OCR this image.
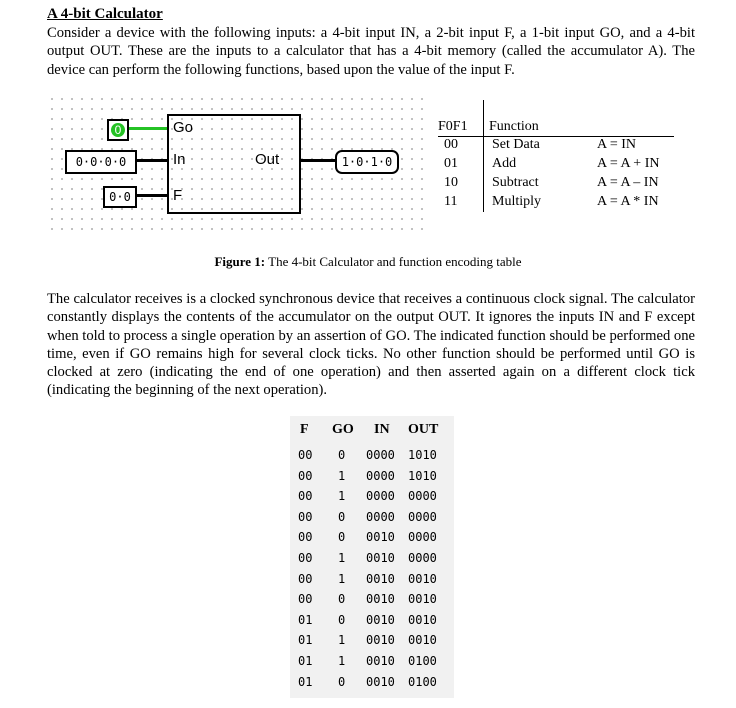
A 4-bit Calculator
Consider a device with the following inputs: a 4-bit input IN, a 2-bit input F, a 1-bit input GO, and a 4-bit output OUT. These are the inputs to a calculator that has a 4-bit memory (called the accumulator A). The device can perform the following functions, based upon the value of the input F.
Go
In
F
Out
0
0·0·0·0
0·0
1·0·1·0
F0F1 Function
00 Set Data	A = IN
01 Add	A = A + IN
10 Subtract	A = A – IN
11 Multiply	A = A * IN
Figure 1: The 4-bit Calculator and function encoding table
The calculator receives is a clocked synchronous device that receives a continuous clock signal. The calculator constantly displays the contents of the accumulator on the output OUT. It ignores the inputs IN and F except when told to process a single operation by an assertion of GO. The indicated function should be performed one time, even if GO remains high for several clock ticks. No other function should be performed until GO is clocked at zero (indicating the end of one operation) and then asserted again on a different clock tick (indicating the beginning of the next operation).
F GO IN OUT
00 0 0000 1010
00 1 0000 1010
00 1 0000 0000
00 0 0000 0000
00 0 0010 0000
00 1 0010 0000
00 1 0010 0010
00 0 0010 0010
01 0 0010 0010
01 1 0010 0010
01 1 0010 0100
01 0 0010 0100
